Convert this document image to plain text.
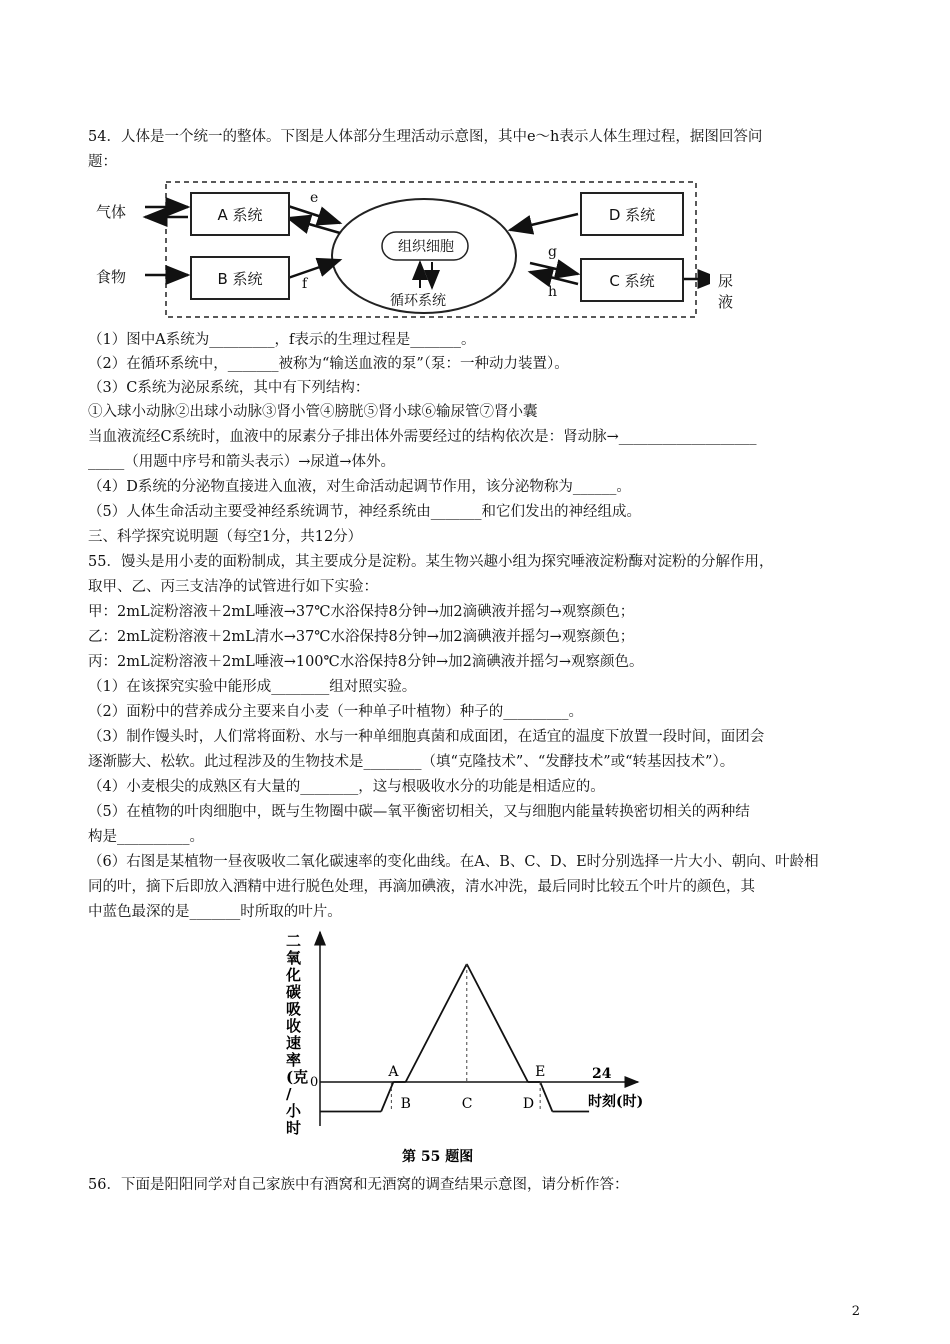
54．人体是一个统一的整体。下图是人体部分生理活动示意图，其中e～h表示人体生理过程，据图回答问
题：
气体
食物
A 系统
B 系统
D 系统
C 系统
组织细胞
循环系统
e
f
g
h
尿液
（1）图中A系统为_________，f表示的生理过程是_______。
（2）在循环系统中，_______被称为“输送血液的泵”（泵：一种动力装置）。
（3）C系统为泌尿系统，其中有下列结构：
①入球小动脉②出球小动脉③肾小管④膀胱⑤肾小球⑥输尿管⑦肾小囊
当血液流经C系统时，血液中的尿素分子排出体外需要经过的结构依次是：肾动脉→___________________
_____（用题中序号和箭头表示）→尿道→体外。
（4）D系统的分泌物直接进入血液，对生命活动起调节作用，该分泌物称为______。
（5）人体生命活动主要受神经系统调节，神经系统由_______和它们发出的神经组成。
三、科学探究说明题（每空1分，共12分）
55．馒头是用小麦的面粉制成，其主要成分是淀粉。某生物兴趣小组为探究唾液淀粉酶对淀粉的分解作用，
取甲、乙、丙三支洁净的试管进行如下实验：
甲：2mL淀粉溶液＋2mL唾液→37℃水浴保持8分钟→加2滴碘液并摇匀→观察颜色；
乙：2mL淀粉溶液＋2mL清水→37℃水浴保持8分钟→加2滴碘液并摇匀→观察颜色；
丙：2mL淀粉溶液＋2mL唾液→100℃水浴保持8分钟→加2滴碘液并摇匀→观察颜色。
（1）在该探究实验中能形成________组对照实验。
（2）面粉中的营养成分主要来自小麦（一种单子叶植物）种子的_________。
（3）制作馒头时，人们常将面粉、水与一种单细胞真菌和成面团，在适宜的温度下放置一段时间，面团会
逐渐膨大、松软。此过程涉及的生物技术是________（填“克隆技术”、“发酵技术”或“转基因技术”）。
（4）小麦根尖的成熟区有大量的________，这与根吸收水分的功能是相适应的。
（5）在植物的叶肉细胞中，既与生物圈中碳—氧平衡密切相关，又与细胞内能量转换密切相关的两种结
构是__________。
（6）右图是某植物一昼夜吸收二氧化碳速率的变化曲线。在A、B、C、D、E时分别选择一片大小、朝向、叶龄相
同的叶，摘下后即放入酒精中进行脱色处理，再滴加碘液，清水冲洗，最后同时比较五个叶片的颜色，其
中蓝色最深的是_______时所取的叶片。
二
氧
化
碳
吸
收
速
率
(克
/
小
时
A
B	C	D
E
0
24
时刻(时)
第 55 题图
56．下面是阳阳同学对自己家族中有酒窝和无酒窝的调查结果示意图，请分析作答：
2
